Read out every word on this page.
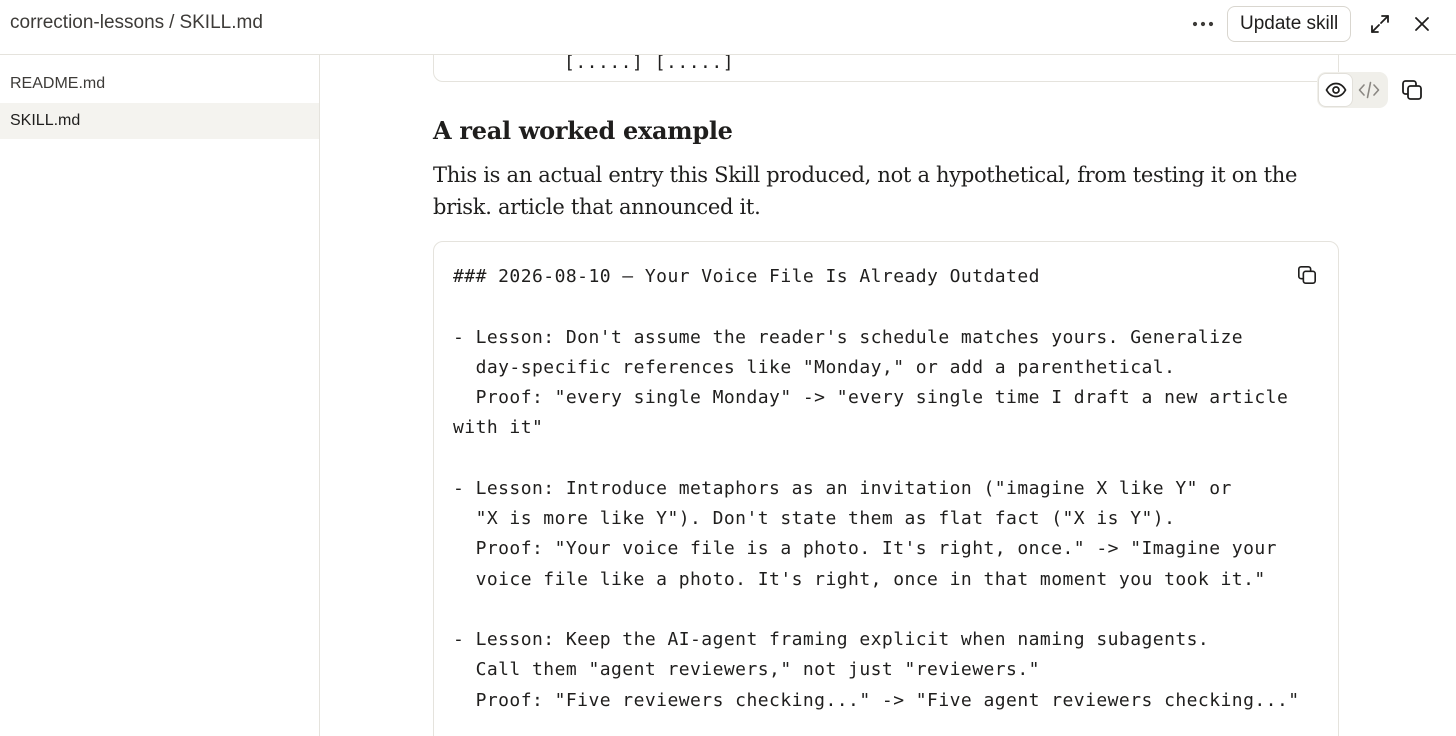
correction-lessons / SKILL.md	Update skill
README.md
SKILL.md
[.....] [.....]
A real worked example

This is an actual entry this Skill produced, not a hypothetical, from testing it on the brisk. article that announced it.

### 2026-08-10 — Your Voice File Is Already Outdated

- Lesson: Don't assume the reader's schedule matches yours. Generalize
day-specific references like "Monday," or add a parenthetical.
Proof: "every single Monday" -> "every single time I draft a new article
with it"

- Lesson: Introduce metaphors as an invitation ("imagine X like Y" or
"X is more like Y"). Don't state them as flat fact ("X is Y").
Proof: "Your voice file is a photo. It's right, once." -> "Imagine your
voice file like a photo. It's right, once in that moment you took it."

- Lesson: Keep the AI-agent framing explicit when naming subagents.
Call them "agent reviewers," not just "reviewers."
Proof: "Five reviewers checking..." -> "Five agent reviewers checking..."
